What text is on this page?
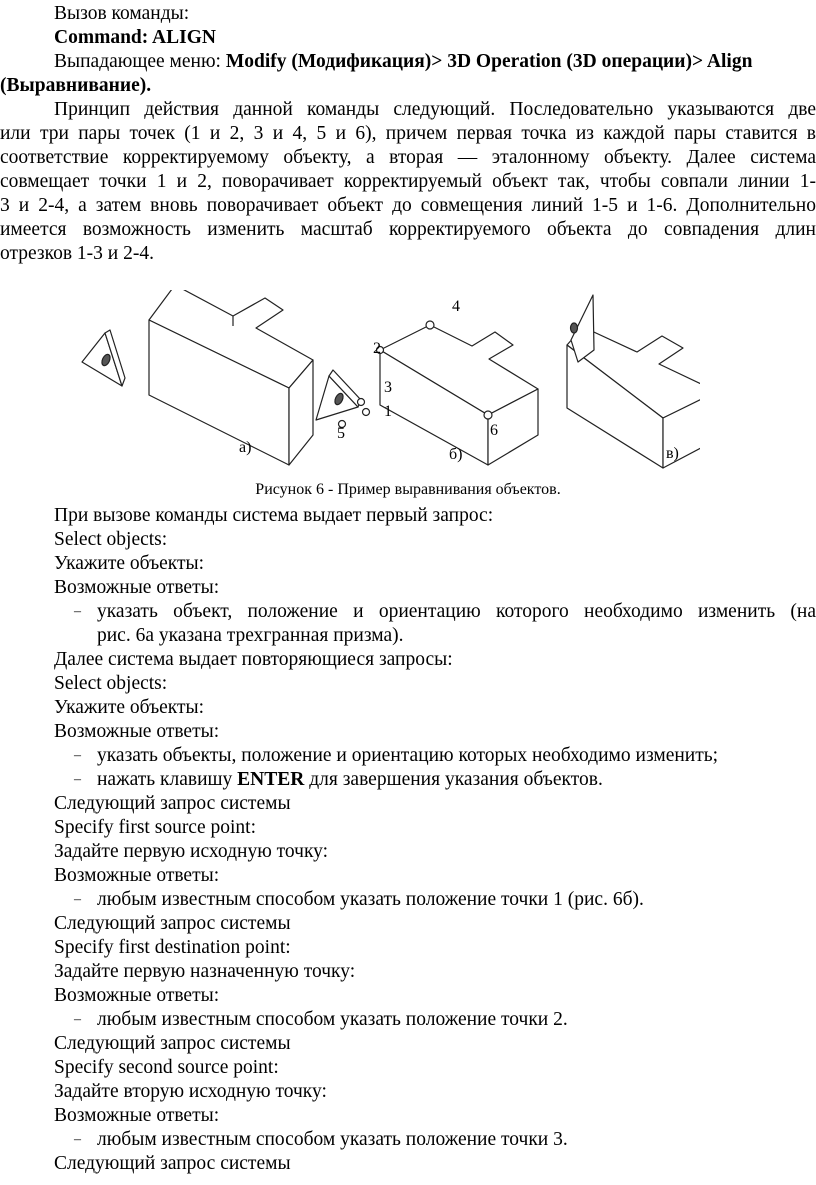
Вызов команды:
Command: ALIGN
Выпадающее меню: Modify (Модификация)> 3D Operation (3D операции)> Align
(Выравнивание).
Принцип действия данной команды следующий. Последовательно указываются две
или три пары точек (1 и 2, 3 и 4, 5 и 6), причем первая точка из каждой пары ставится в
соответствие корректируемому объекту, а вторая — эталонному объекту. Далее система
совмещает точки 1 и 2, поворачивает корректируемый объект так, чтобы совпали линии 1-
3 и 2-4, а затем вновь поворачивает объект до совмещения линий 1-5 и 1-6. Дополнительно
имеется возможность изменить масштаб корректируемого объекта до совпадения длин
отрезков 1-3 и 2-4.
а)	б)	в)
4
2
3
1
5	6
Рисунок 6 - Пример выравнивания объектов.
При вызове команды система выдает первый запрос:
Select objects:
Укажите объекты:
Возможные ответы:
– указать объект, положение и ориентацию которого необходимо изменить (на
рис. 6а указана трехгранная призма).
Далее система выдает повторяющиеся запросы:
Select objects:
Укажите объекты:
Возможные ответы:
– указать объекты, положение и ориентацию которых необходимо изменить;
– нажать клавишу ENTER для завершения указания объектов.
Следующий запрос системы
Specify first source point:
Задайте первую исходную точку:
Возможные ответы:
– любым известным способом указать положение точки 1 (рис. 6б).
Следующий запрос системы
Specify first destination point:
Задайте первую назначенную точку:
Возможные ответы:
– любым известным способом указать положение точки 2.
Следующий запрос системы
Specify second source point:
Задайте вторую исходную точку:
Возможные ответы:
– любым известным способом указать положение точки 3.
Следующий запрос системы
